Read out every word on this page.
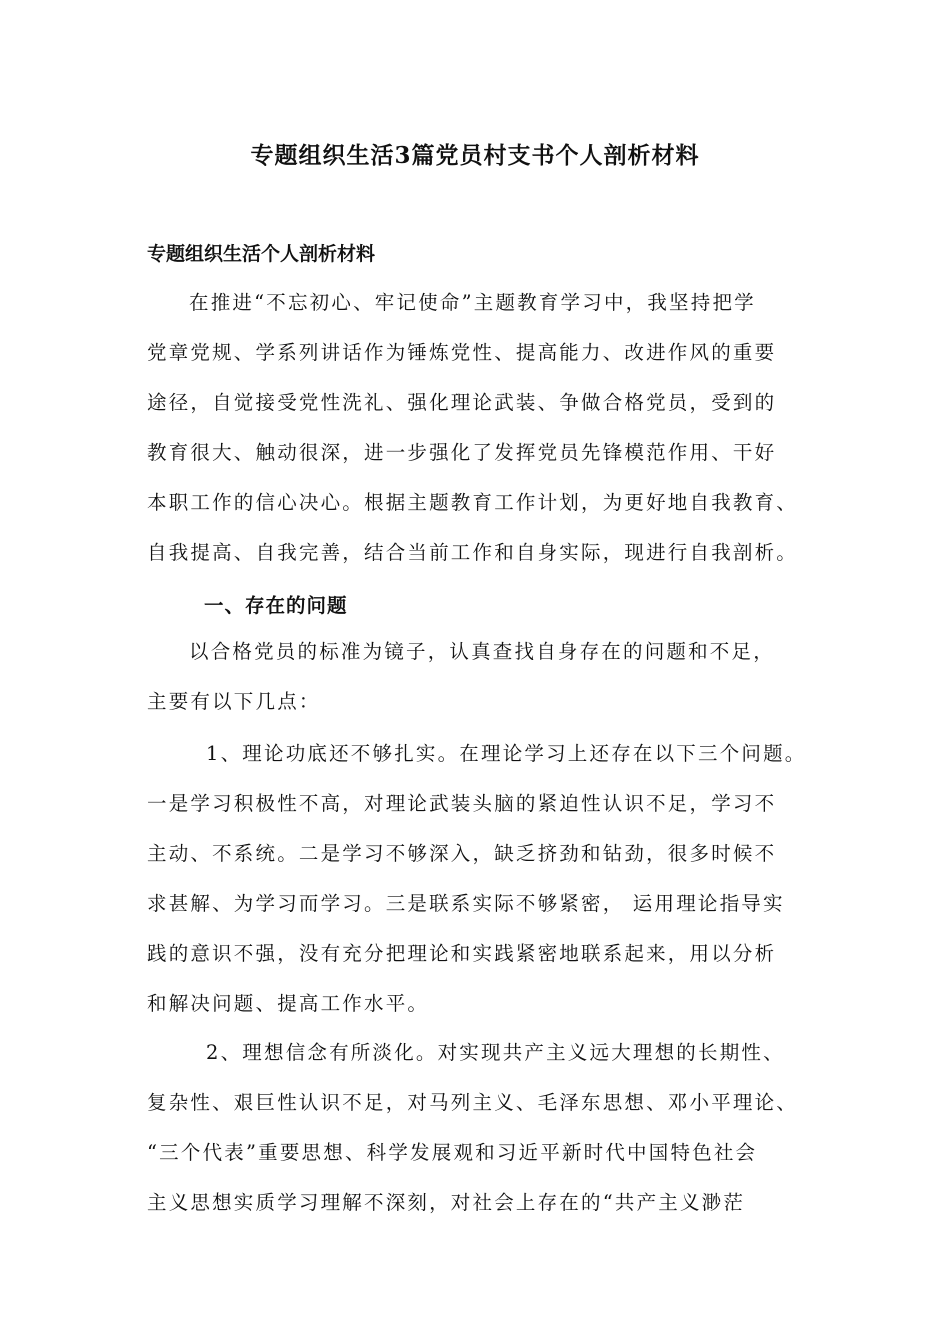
专题组织生活3篇党员村支书个人剖析材料
专题组织生活个人剖析材料
在推进“不忘初心、牢记使命”主题教育学习中，我坚持把学
党章党规、学系列讲话作为锤炼党性、提高能力、改进作风的重要
途径，自觉接受党性洗礼、强化理论武装、争做合格党员，受到的
教育很大、触动很深，进一步强化了发挥党员先锋模范作用、干好
本职工作的信心决心。根据主题教育工作计划，为更好地自我教育、
自我提高、自我完善，结合当前工作和自身实际，现进行自我剖析。
一、存在的问题
以合格党员的标准为镜子，认真查找自身存在的问题和不足，
主要有以下几点：
1、理论功底还不够扎实。在理论学习上还存在以下三个问题。
一是学习积极性不高，对理论武装头脑的紧迫性认识不足，学习不
主动、不系统。二是学习不够深入，缺乏挤劲和钻劲，很多时候不
求甚解、为学习而学习。三是联系实际不够紧密， 运用理论指导实
践的意识不强，没有充分把理论和实践紧密地联系起来，用以分析
和解决问题、提高工作水平。
2、理想信念有所淡化。对实现共产主义远大理想的长期性、
复杂性、艰巨性认识不足，对马列主义、毛泽东思想、邓小平理论、
“三个代表”重要思想、科学发展观和习近平新时代中国特色社会
主义思想实质学习理解不深刻，对社会上存在的“共产主义渺茫
